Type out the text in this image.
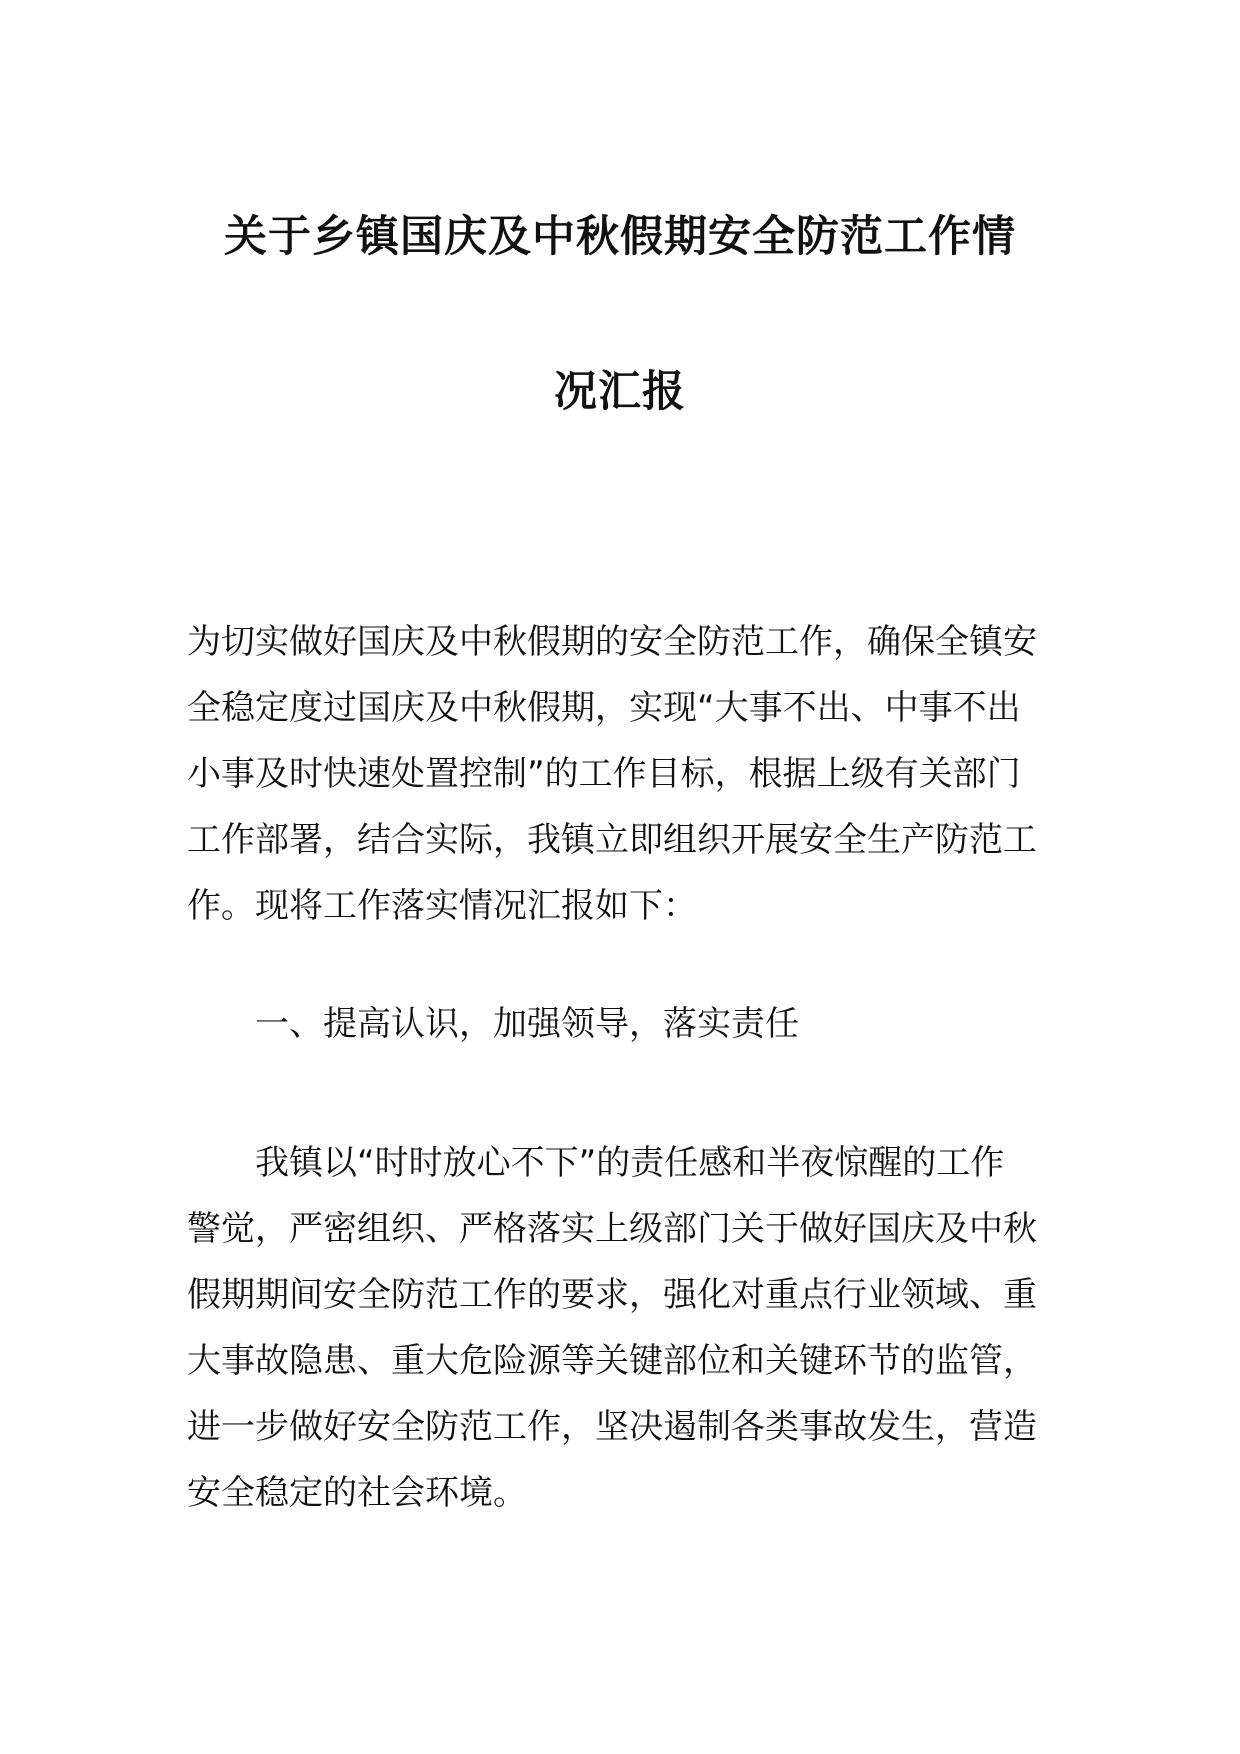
关于乡镇国庆及中秋假期安全防范工作情
况汇报
为切实做好国庆及中秋假期的安全防范工作，确保全镇安
全稳定度过国庆及中秋假期，实现“大事不出、中事不出
小事及时快速处置控制”的工作目标，根据上级有关部门
工作部署，结合实际，我镇立即组织开展安全生产防范工
作。现将工作落实情况汇报如下：
一、提高认识，加强领导，落实责任
我镇以“时时放心不下”的责任感和半夜惊醒的工作
警觉，严密组织、严格落实上级部门关于做好国庆及中秋
假期期间安全防范工作的要求，强化对重点行业领域、重
大事故隐患、重大危险源等关键部位和关键环节的监管，
进一步做好安全防范工作，坚决遏制各类事故发生，营造
安全稳定的社会环境。
